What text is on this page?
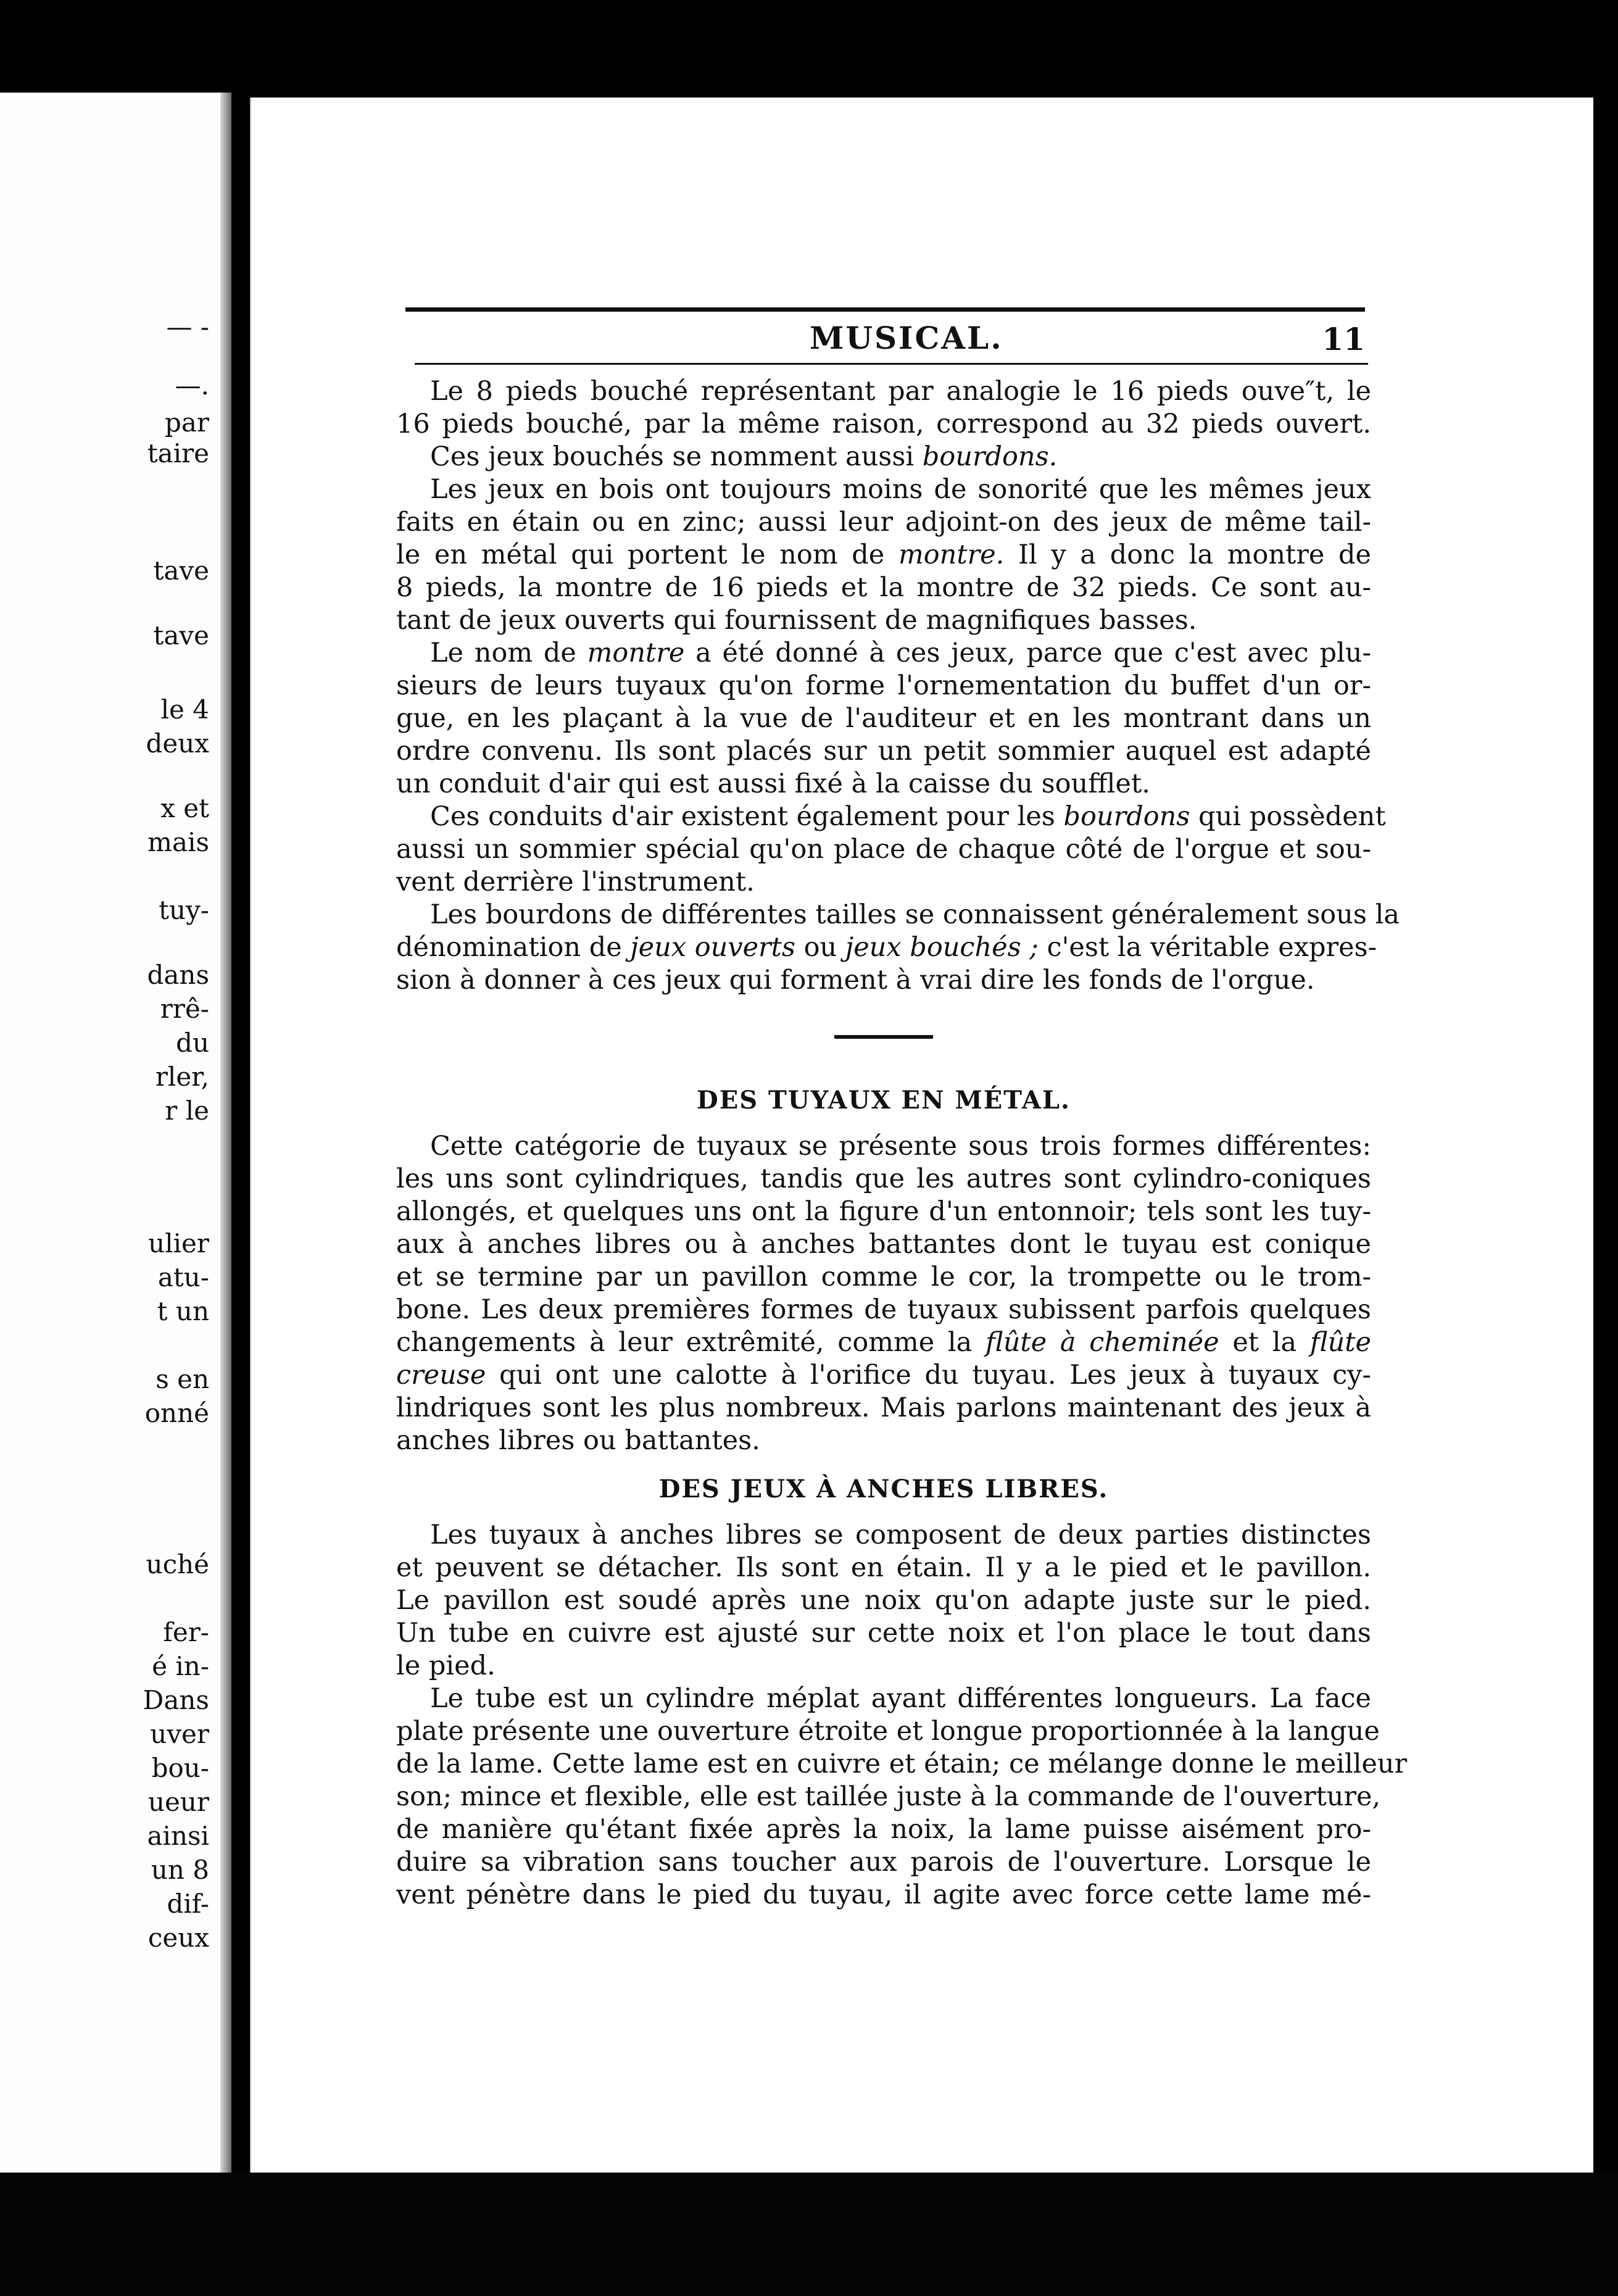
— -
—.
par
taire
tave
tave
le 4
deux
x et
mais
tuy-
dans
rrê-
du
rler,
r le
ulier
atu-
t un
s en
onné
uché
fer-
é in-
Dans
uver
bou-
ueur
ainsi
un 8
dif-
ceux
MUSICAL.	11
Le 8 pieds bouché représentant par analogie le 16 pieds ouve″t, le
16 pieds bouché, par la même raison, correspond au 32 pieds ouvert.
Ces jeux bouchés se nomment aussi bourdons.
Les jeux en bois ont toujours moins de sonorité que les mêmes jeux
faits en étain ou en zinc; aussi leur adjoint-on des jeux de même tail-
le en métal qui portent le nom de montre. Il y a donc la montre de
8 pieds, la montre de 16 pieds et la montre de 32 pieds. Ce sont au-
tant de jeux ouverts qui fournissent de magnifiques basses.
Le nom de montre a été donné à ces jeux, parce que c'est avec plu-
sieurs de leurs tuyaux qu'on forme l'ornementation du buffet d'un or-
gue, en les plaçant à la vue de l'auditeur et en les montrant dans un
ordre convenu. Ils sont placés sur un petit sommier auquel est adapté
un conduit d'air qui est aussi fixé à la caisse du soufflet.
Ces conduits d'air existent également pour les bourdons qui possèdent
aussi un sommier spécial qu'on place de chaque côté de l'orgue et sou-
vent derrière l'instrument.
Les bourdons de différentes tailles se connaissent généralement sous la
dénomination de jeux ouverts ou jeux bouchés ; c'est la véritable expres-
sion à donner à ces jeux qui forment à vrai dire les fonds de l'orgue.
DES TUYAUX EN MÉTAL.
Cette catégorie de tuyaux se présente sous trois formes différentes:
les uns sont cylindriques, tandis que les autres sont cylindro-coniques
allongés, et quelques uns ont la figure d'un entonnoir; tels sont les tuy-
aux à anches libres ou à anches battantes dont le tuyau est conique
et se termine par un pavillon comme le cor, la trompette ou le trom-
bone. Les deux premières formes de tuyaux subissent parfois quelques
changements à leur extrêmité, comme la flûte à cheminée et la flûte
creuse qui ont une calotte à l'orifice du tuyau. Les jeux à tuyaux cy-
lindriques sont les plus nombreux. Mais parlons maintenant des jeux à
anches libres ou battantes.
DES JEUX À ANCHES LIBRES.
Les tuyaux à anches libres se composent de deux parties distinctes
et peuvent se détacher. Ils sont en étain. Il y a le pied et le pavillon.
Le pavillon est soudé après une noix qu'on adapte juste sur le pied.
Un tube en cuivre est ajusté sur cette noix et l'on place le tout dans
le pied.
Le tube est un cylindre méplat ayant différentes longueurs. La face
plate présente une ouverture étroite et longue proportionnée à la langue
de la lame. Cette lame est en cuivre et étain; ce mélange donne le meilleur
son; mince et flexible, elle est taillée juste à la commande de l'ouverture,
de manière qu'étant fixée après la noix, la lame puisse aisément pro-
duire sa vibration sans toucher aux parois de l'ouverture. Lorsque le
vent pénètre dans le pied du tuyau, il agite avec force cette lame mé-
